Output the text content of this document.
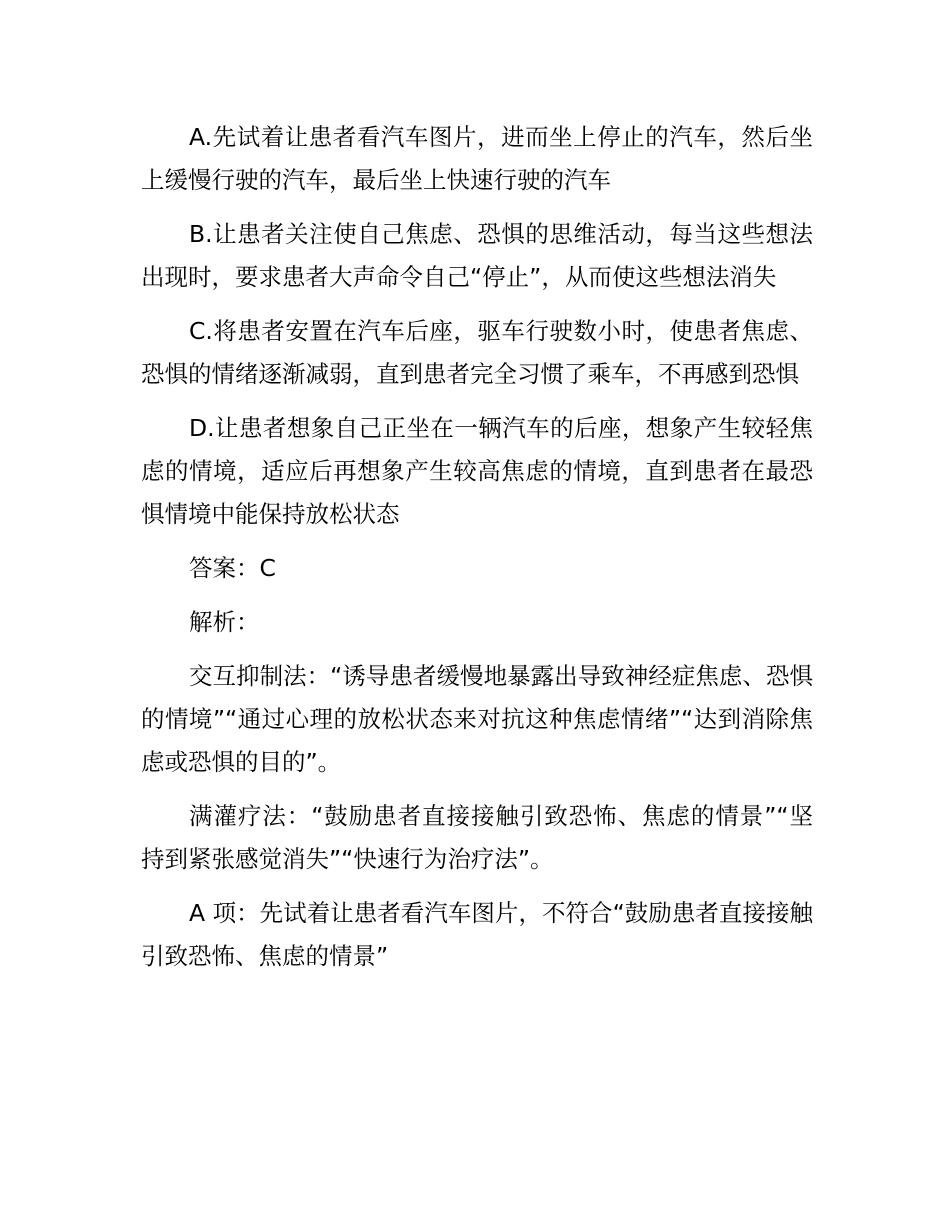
A.先试着让患者看汽车图片，进而坐上停止的汽车，然后坐上缓慢行驶的汽车，最后坐上快速行驶的汽车

B.让患者关注使自己焦虑、恐惧的思维活动，每当这些想法出现时，要求患者大声命令自己“停止”，从而使这些想法消失

C.将患者安置在汽车后座，驱车行驶数小时，使患者焦虑、恐惧的情绪逐渐减弱，直到患者完全习惯了乘车，不再感到恐惧

D.让患者想象自己正坐在一辆汽车的后座，想象产生较轻焦虑的情境，适应后再想象产生较高焦虑的情境，直到患者在最恐惧情境中能保持放松状态

答案：C

解析：

交互抑制法：“诱导患者缓慢地暴露出导致神经症焦虑、恐惧的情境”“通过心理的放松状态来对抗这种焦虑情绪”“达到消除焦虑或恐惧的目的”。

满灌疗法：“鼓励患者直接接触引致恐怖、焦虑的情景”“坚持到紧张感觉消失”“快速行为治疗法”。

A 项：先试着让患者看汽车图片，不符合“鼓励患者直接接触引致恐怖、焦虑的情景”
